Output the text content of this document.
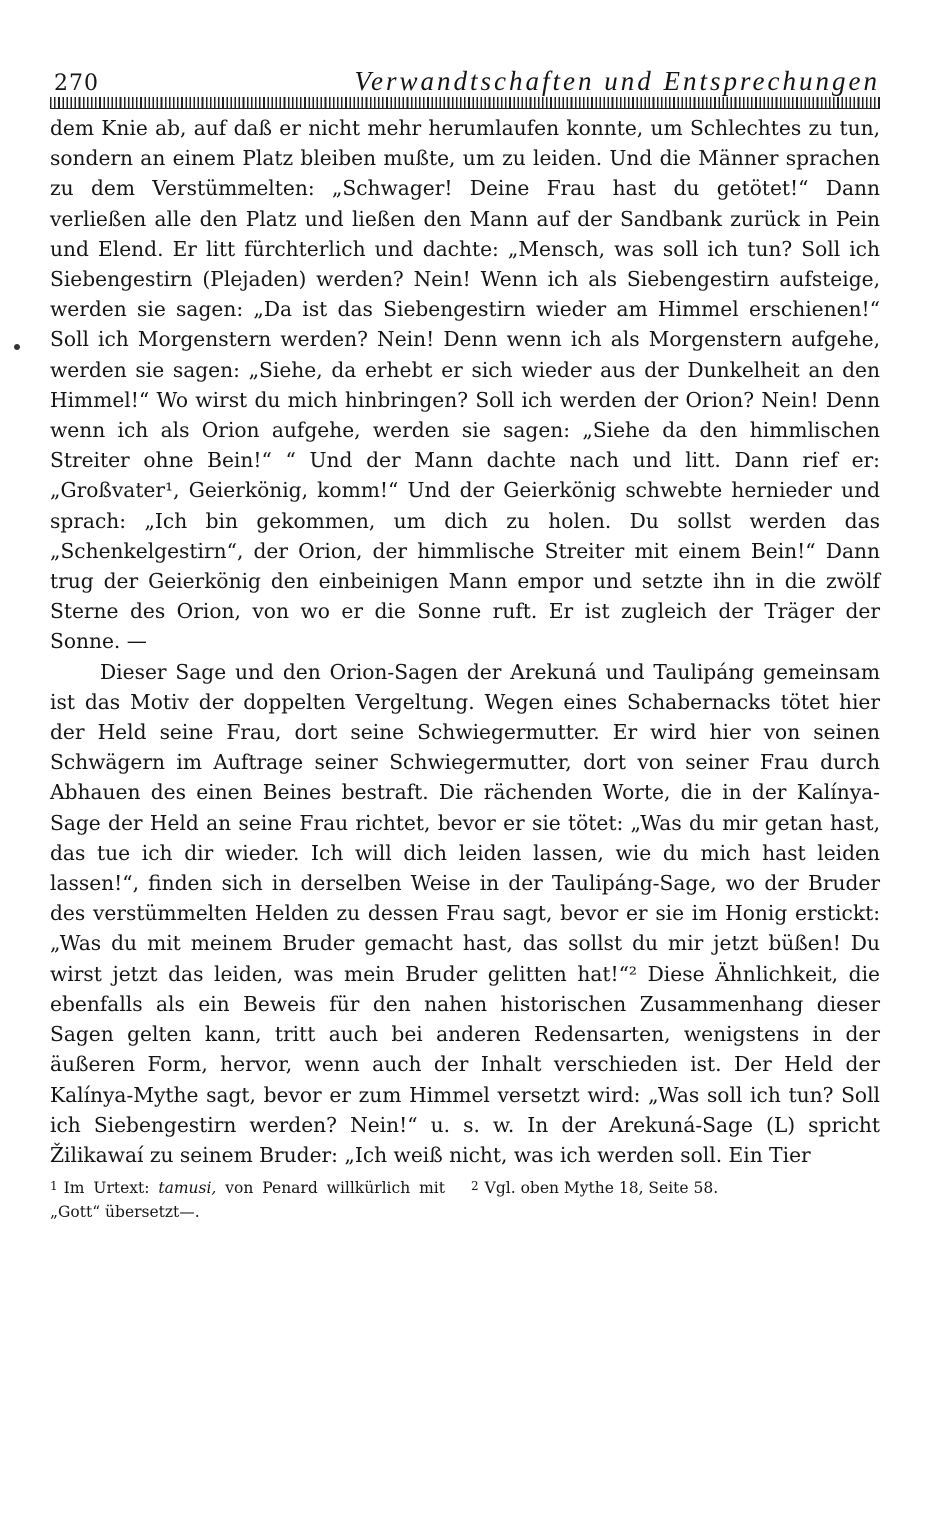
270	Verwandtschaften und Entsprechungen
dem Knie ab, auf daß er nicht mehr herumlaufen konnte, um Schlechtes zu tun, sondern an einem Platz bleiben mußte, um zu leiden. Und die Männer sprachen zu dem Verstümmelten: „Schwager! Deine Frau hast du getötet!“ Dann verließen alle den Platz und ließen den Mann auf der Sandbank zurück in Pein und Elend. Er litt fürchterlich und dachte: „Mensch, was soll ich tun? Soll ich Siebengestirn (Plejaden) werden? Nein! Wenn ich als Siebengestirn aufsteige, werden sie sagen: „Da ist das Siebengestirn wieder am Himmel erschienen!“ Soll ich Morgenstern werden? Nein! Denn wenn ich als Morgenstern aufgehe, werden sie sagen: „Siehe, da erhebt er sich wieder aus der Dunkelheit an den Himmel!“ Wo wirst du mich hinbringen? Soll ich werden der Orion? Nein! Denn wenn ich als Orion aufgehe, werden sie sagen: „Siehe da den himmlischen Streiter ohne Bein!“ “ Und der Mann dachte nach und litt. Dann rief er: „Großvater¹, Geierkönig, komm!“ Und der Geierkönig schwebte hernieder und sprach: „Ich bin gekommen, um dich zu holen. Du sollst werden das „Schenkelgestirn“, der Orion, der himmlische Streiter mit einem Bein!“ Dann trug der Geierkönig den einbeinigen Mann empor und setzte ihn in die zwölf Sterne des Orion, von wo er die Sonne ruft. Er ist zugleich der Träger der Sonne. —
Dieser Sage und den Orion-Sagen der Arekuná und Taulipáng gemeinsam ist das Motiv der doppelten Vergeltung. Wegen eines Schabernacks tötet hier der Held seine Frau, dort seine Schwiegermutter. Er wird hier von seinen Schwägern im Auftrage seiner Schwiegermutter, dort von seiner Frau durch Abhauen des einen Beines bestraft. Die rächenden Worte, die in der Kalínya-Sage der Held an seine Frau richtet, bevor er sie tötet: „Was du mir getan hast, das tue ich dir wieder. Ich will dich leiden lassen, wie du mich hast leiden lassen!“, finden sich in derselben Weise in der Taulipáng-Sage, wo der Bruder des verstümmelten Helden zu dessen Frau sagt, bevor er sie im Honig erstickt: „Was du mit meinem Bruder gemacht hast, das sollst du mir jetzt büßen! Du wirst jetzt das leiden, was mein Bruder gelitten hat!“² Diese Ähnlichkeit, die ebenfalls als ein Beweis für den nahen historischen Zusammenhang dieser Sagen gelten kann, tritt auch bei anderen Redensarten, wenigstens in der äußeren Form, hervor, wenn auch der Inhalt verschieden ist. Der Held der Kalínya-Mythe sagt, bevor er zum Himmel versetzt wird: „Was soll ich tun? Soll ich Siebengestirn werden? Nein!“ u. s. w. In der Arekuná-Sage (L) spricht Žilikawaí zu seinem Bruder: „Ich weiß nicht, was ich werden soll. Ein Tier
1 Im Urtext: tamusi, von Penard willkürlich mit „Gott“ übersetzt—.
2 Vgl. oben Mythe 18, Seite 58.
